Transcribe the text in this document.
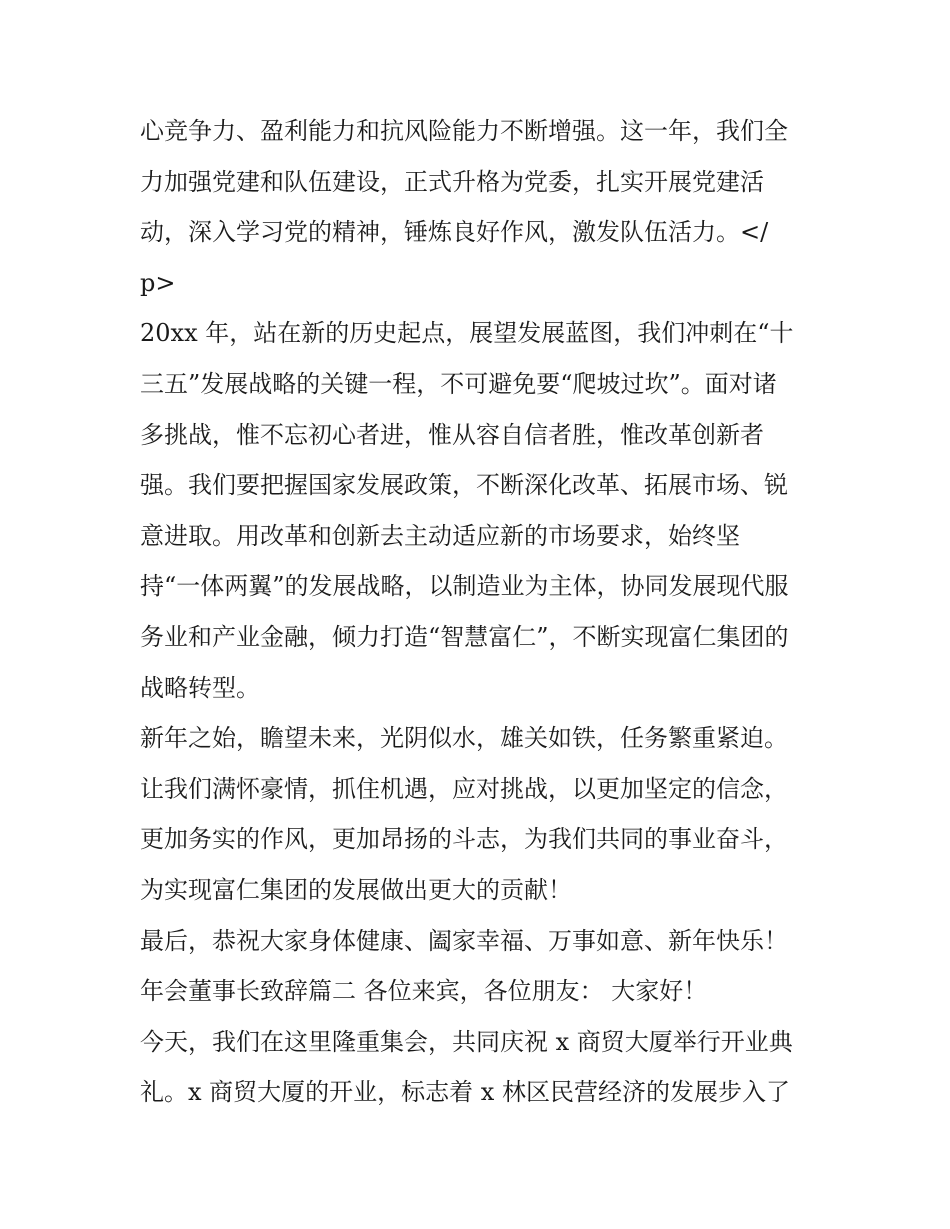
心竞争力、盈利能力和抗风险能力不断增强。这一年，我们全
力加强党建和队伍建设，正式升格为党委，扎实开展党建活
动，深入学习党的精神，锤炼良好作风，激发队伍活力。</
p>
20xx 年，站在新的历史起点，展望发展蓝图，我们冲刺在“十
三五”发展战略的关键一程，不可避免要“爬坡过坎”。面对诸
多挑战，惟不忘初心者进，惟从容自信者胜，惟改革创新者
强。我们要把握国家发展政策，不断深化改革、拓展市场、锐
意进取。用改革和创新去主动适应新的市场要求，始终坚
持“一体两翼”的发展战略，以制造业为主体，协同发展现代服
务业和产业金融，倾力打造“智慧富仁”，不断实现富仁集团的
战略转型。
新年之始，瞻望未来，光阴似水，雄关如铁，任务繁重紧迫。
让我们满怀豪情，抓住机遇，应对挑战，以更加坚定的信念，
更加务实的作风，更加昂扬的斗志，为我们共同的事业奋斗，
为实现富仁集团的发展做出更大的贡献！
最后，恭祝大家身体健康、阖家幸福、万事如意、新年快乐！
年会董事长致辞篇二 各位来宾，各位朋友： 大家好！
今天，我们在这里隆重集会，共同庆祝 x 商贸大厦举行开业典
礼。x 商贸大厦的开业，标志着 x 林区民营经济的发展步入了
